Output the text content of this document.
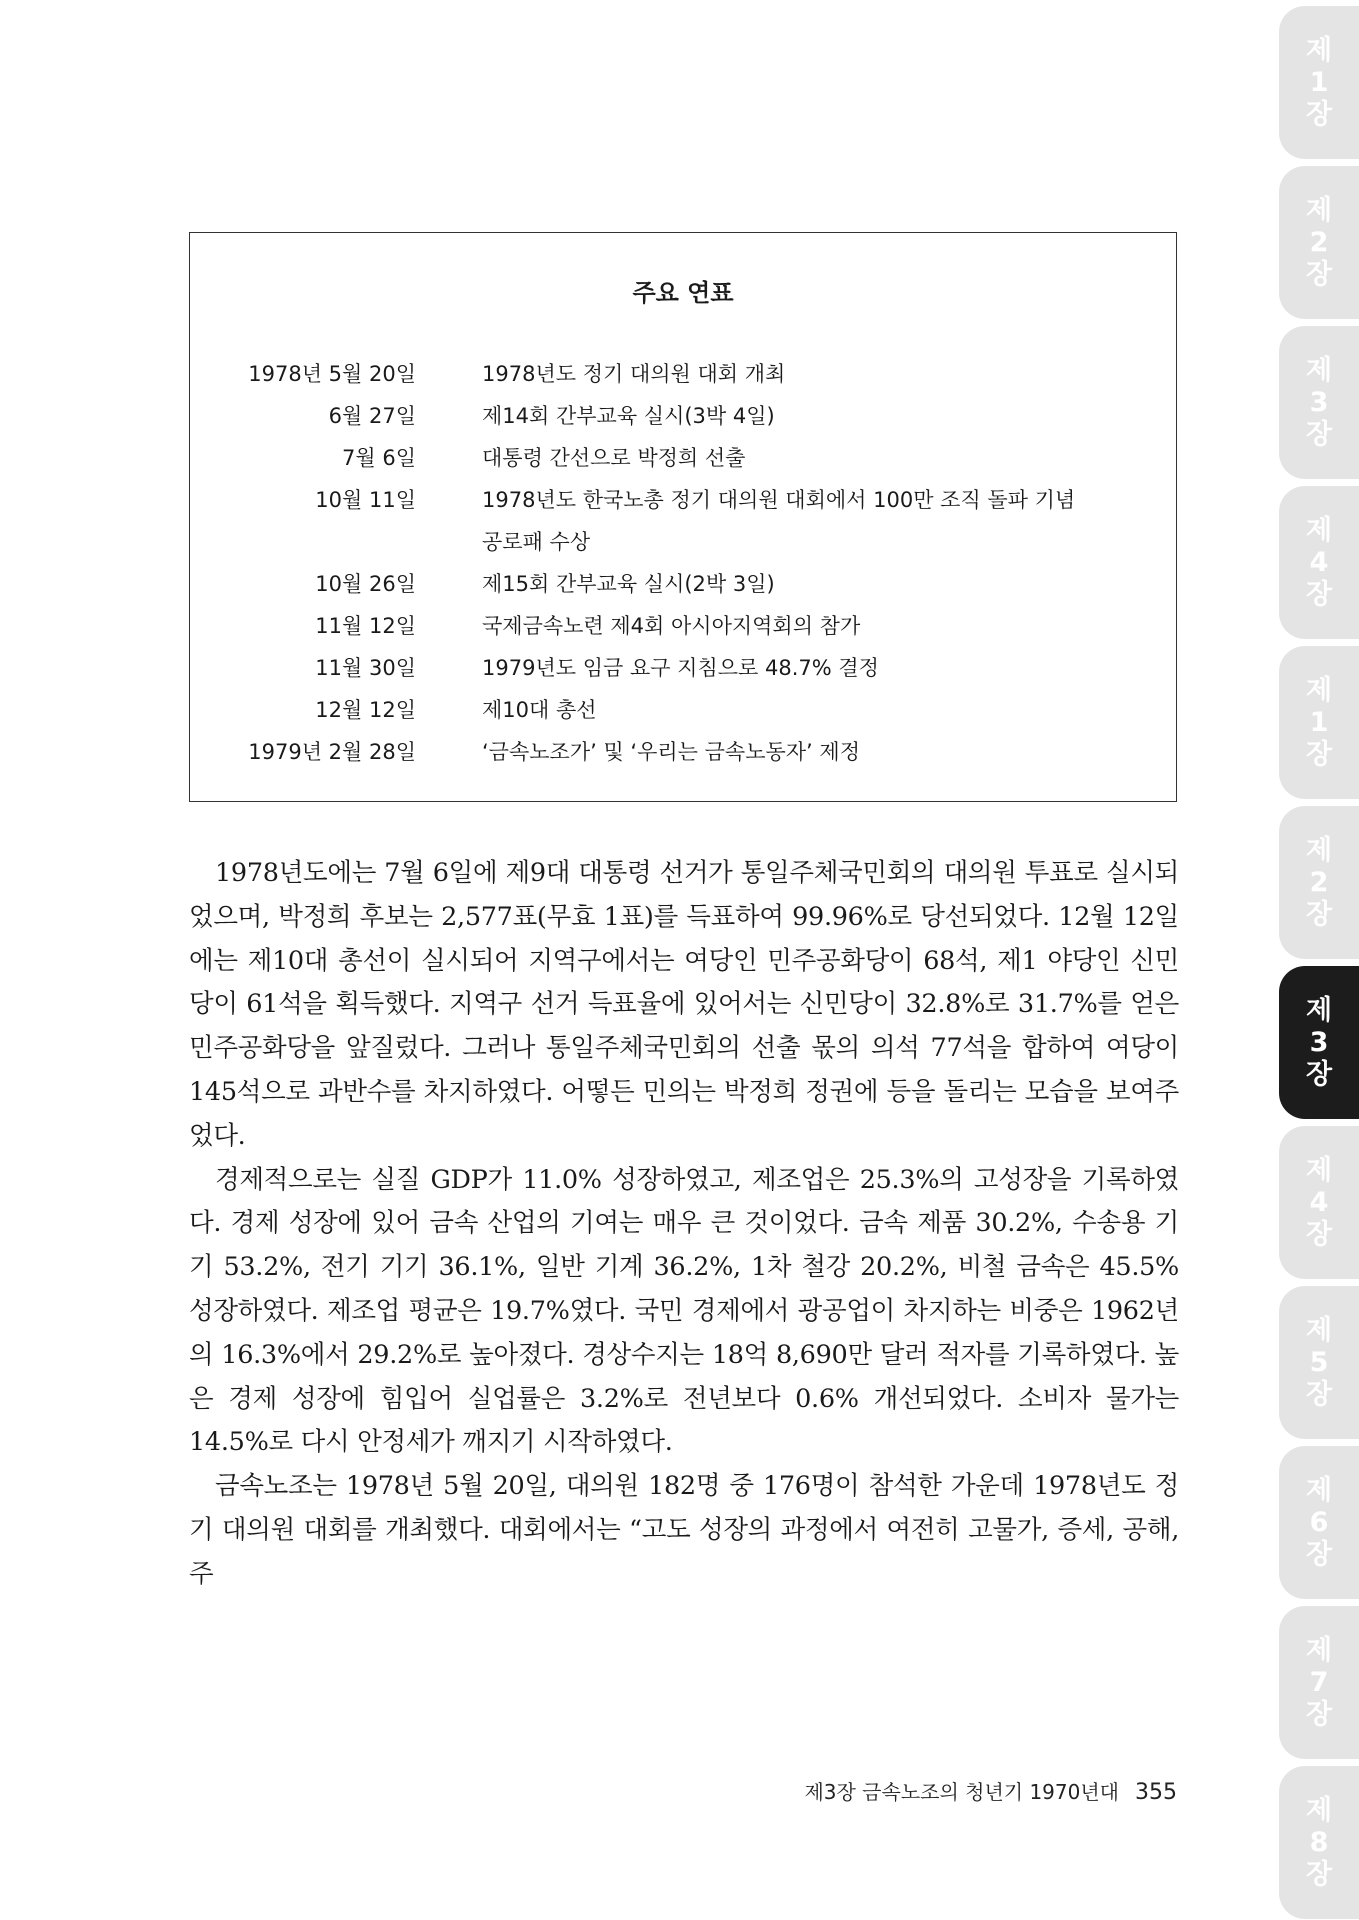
제
1
장
제
2
장
제
3
장
제
4
장
제
1
장
제
2
장
제
3
장
제
4
장
제
5
장
제
6
장
제
7
장
제
8
장
주요 연표
1978년 5월 20일	1978년도 정기 대의원 대회 개최
6월 27일	제14회 간부교육 실시(3박 4일)
7월 6일	대통령 간선으로 박정희 선출
10월 11일	1978년도 한국노총 정기 대의원 대회에서 100만 조직 돌파 기념
공로패 수상
10월 26일	제15회 간부교육 실시(2박 3일)
11월 12일	국제금속노련 제4회 아시아지역회의 참가
11월 30일	1979년도 임금 요구 지침으로 48.7% 결정
12월 12일	제10대 총선
1979년 2월 28일	‘금속노조가’ 및 ‘우리는 금속노동자’ 제정

1978년도에는 7월 6일에 제9대 대통령 선거가 통일주체국민회의 대의원 투표로 실시되었으며, 박정희 후보는 2,577표(무효 1표)를 득표하여 99.96%로 당선되었다. 12월 12일에는 제10대 총선이 실시되어 지역구에서는 여당인 민주공화당이 68석, 제1 야당인 신민당이 61석을 획득했다. 지역구 선거 득표율에 있어서는 신민당이 32.8%로 31.7%를 얻은 민주공화당을 앞질렀다. 그러나 통일주체국민회의 선출 몫의 의석 77석을 합하여 여당이 145석으로 과반수를 차지하였다. 어떻든 민의는 박정희 정권에 등을 돌리는 모습을 보여주었다.

경제적으로는 실질 GDP가 11.0% 성장하였고, 제조업은 25.3%의 고성장을 기록하였다. 경제 성장에 있어 금속 산업의 기여는 매우 큰 것이었다. 금속 제품 30.2%, 수송용 기기 53.2%, 전기 기기 36.1%, 일반 기계 36.2%, 1차 철강 20.2%, 비철 금속은 45.5% 성장하였다. 제조업 평균은 19.7%였다. 국민 경제에서 광공업이 차지하는 비중은 1962년의 16.3%에서 29.2%로 높아졌다. 경상수지는 18억 8,690만 달러 적자를 기록하였다. 높은 경제 성장에 힘입어 실업률은 3.2%로 전년보다 0.6% 개선되었다. 소비자 물가는 14.5%로 다시 안정세가 깨지기 시작하였다.

금속노조는 1978년 5월 20일, 대의원 182명 중 176명이 참석한 가운데 1978년도 정기 대의원 대회를 개최했다. 대회에서는 “고도 성장의 과정에서 여전히 고물가, 증세, 공해, 주

제3장 금속노조의 청년기 1970년대 355
